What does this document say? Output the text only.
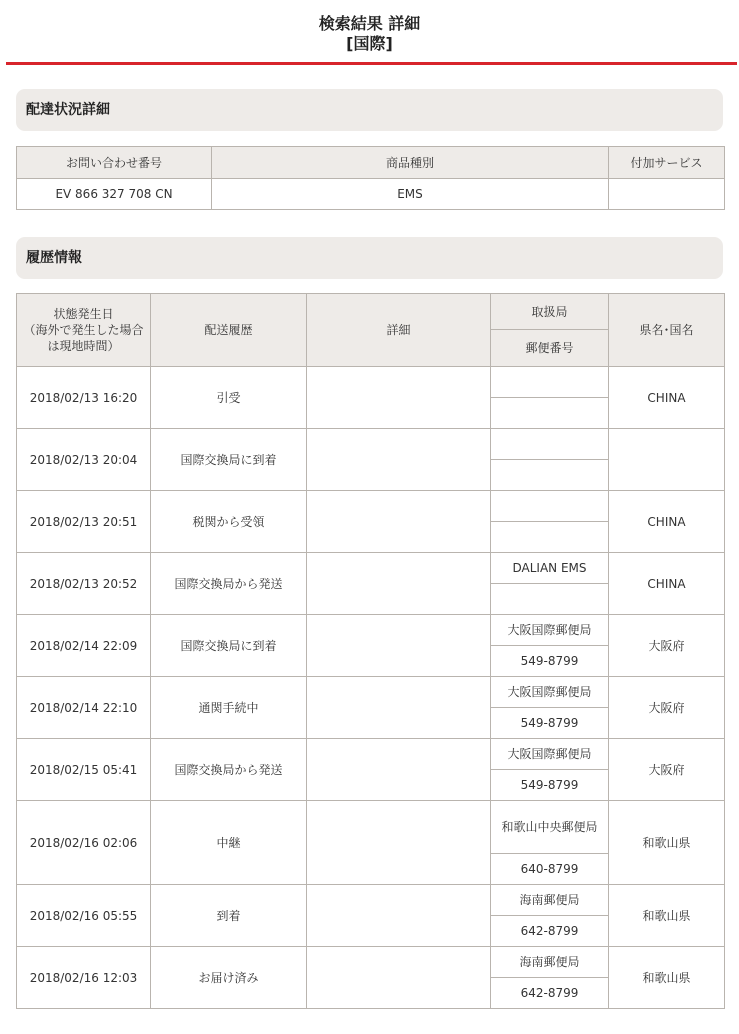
検索結果 詳細
[国際]
配達状況詳細
お問い合わせ番号	商品種別	付加サービス
EV 866 327 708 CN	EMS	
履歴情報
状態発生日
（海外で発生した場合は現地時間）	配送履歴	詳細	取扱局	県名･国名
			郵便番号	
2018/02/13 16:20	引受			CHINA

2018/02/13 20:04	国際交換局に到着			

2018/02/13 20:51	税関から受領			CHINA

2018/02/13 20:52	国際交換局から発送		DALIAN EMS	CHINA

2018/02/14 22:09	国際交換局に到着		大阪国際郵便局	大阪府
			549-8799	
2018/02/14 22:10	通関手続中		大阪国際郵便局	大阪府
			549-8799	
2018/02/15 05:41	国際交換局から発送		大阪国際郵便局	大阪府
			549-8799	
2018/02/16 02:06	中継		和歌山中央郵便局	和歌山県
			640-8799	
2018/02/16 05:55	到着		海南郵便局	和歌山県
			642-8799	
2018/02/16 12:03	お届け済み		海南郵便局	和歌山県
			642-8799	
